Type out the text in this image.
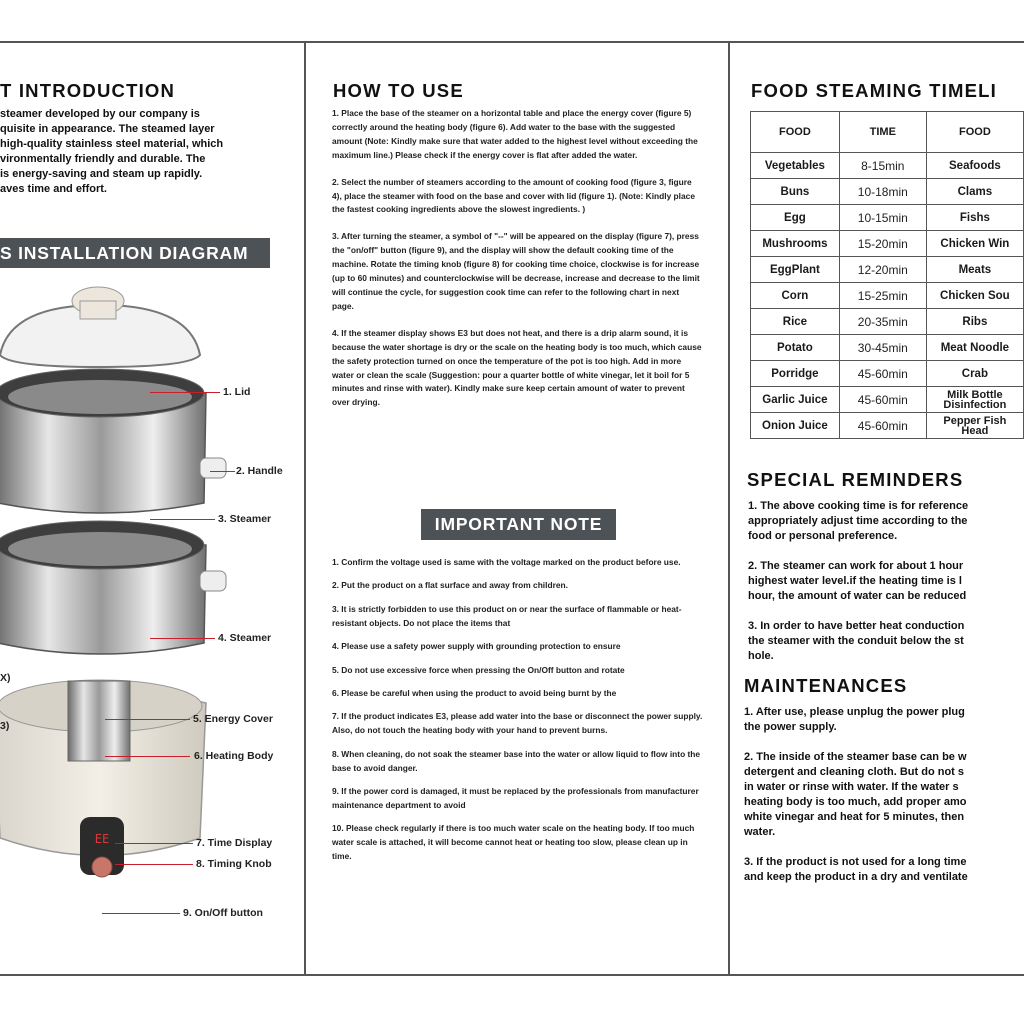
T INTRODUCTION
steamer developed by our company is
quisite in appearance. The steamed layer
high-quality stainless steel material, which
vironmentally friendly and durable. The
is energy-saving and steam up rapidly.
aves time and effort.
S INSTALLATION DIAGRAM
EE
1. Lid
2. Handle
3. Steamer
4. Steamer
X)
3)
5. Energy Cover
6. Heating Body
7. Time Display
8. Timing Knob
9. On/Off button
HOW TO USE

1. Place the base of the steamer on a horizontal table and place the energy cover (figure 5) correctly around the heating body (figure 6). Add water to the base with the suggested amount (Note: Kindly make sure that water added to the highest level without exceeding the maximum line.) Please check if the energy cover is flat after added the water.

2. Select the number of steamers according to the amount of cooking food (figure 3, figure 4), place the steamer with food on the base and cover with lid (figure 1). (Note: Kindly place the fastest cooking ingredients above the slowest ingredients. )

3. After turning the steamer, a symbol of "--" will be appeared on the display (figure 7), press the "on/off" button (figure 9), and the display will show the default cooking time of the machine. Rotate the timing knob (figure 8) for cooking time choice, clockwise is for increase (up to 60 minutes) and counterclockwise will be decrease, increase and decrease to the limit will continue the cycle, for suggestion cook time can refer to the following chart in next page.

4. If the steamer display shows E3 but does not heat, and there is a drip alarm sound, it is because the water shortage is dry or the scale on the heating body is too much, which cause the safety protection turned on once the temperature of the pot is too high. Add in more water or clean the scale (Suggestion: pour a quarter bottle of white vinegar, let it boil for 5 minutes and rinse with water). Kindly make sure keep certain amount of water to prevent over drying.

IMPORTANT NOTE

1. Confirm the voltage used is same with the voltage marked on the product before use.

2. Put the product on a flat surface and away from children.

3. It is strictly forbidden to use this product on or near the surface of flammable or heat-resistant objects. Do not place the items that

4. Please use a safety power supply with grounding protection to ensure

5. Do not use excessive force when pressing the On/Off button and rotate

6. Please be careful when using the product to avoid being burnt by the

7. If the product indicates E3, please add water into the base or disconnect the power supply. Also, do not touch the heating body with your hand to prevent burns.

8. When cleaning, do not soak the steamer base into the water or allow liquid to flow into the base to avoid danger.

9. If the power cord is damaged, it must be replaced by the professionals from manufacturer maintenance department to avoid

10. Please check regularly if there is too much water scale on the heating body. If too much water scale is attached, it will become cannot heat or heating too slow, please clean up in time.

FOOD STEAMING TIMELI
FOOD	TIME	FOOD
Vegetables	8-15min	Seafoods
Buns	10-18min	Clams
Egg	10-15min	Fishs
Mushrooms	15-20min	Chicken Win
EggPlant	12-20min	Meats
Corn	15-25min	Chicken Sou
Rice	20-35min	Ribs
Potato	30-45min	Meat Noodle
Porridge	45-60min	Crab
Garlic Juice	45-60min	Milk Bottle Disinfection
Onion Juice	45-60min	Pepper Fish Head
SPECIAL REMINDERS

1. The above cooking time is for reference

appropriately adjust time according to the

food or personal preference.

2. The steamer can work for about 1 hour

highest water level.if the heating time is l

hour, the amount of water can be reduced

3. In order to have better heat conduction

the steamer with the conduit below the st

hole.

MAINTENANCES

1. After use, please unplug the power plug

the power supply.

2. The inside of the steamer base can be w

detergent and cleaning cloth. But do not s

in water or rinse with water. If the water s

heating body is too much, add proper amo

white vinegar and heat for 5 minutes, then

water.

3. If the product is not used for a long time

and keep the product in a dry and ventilate
